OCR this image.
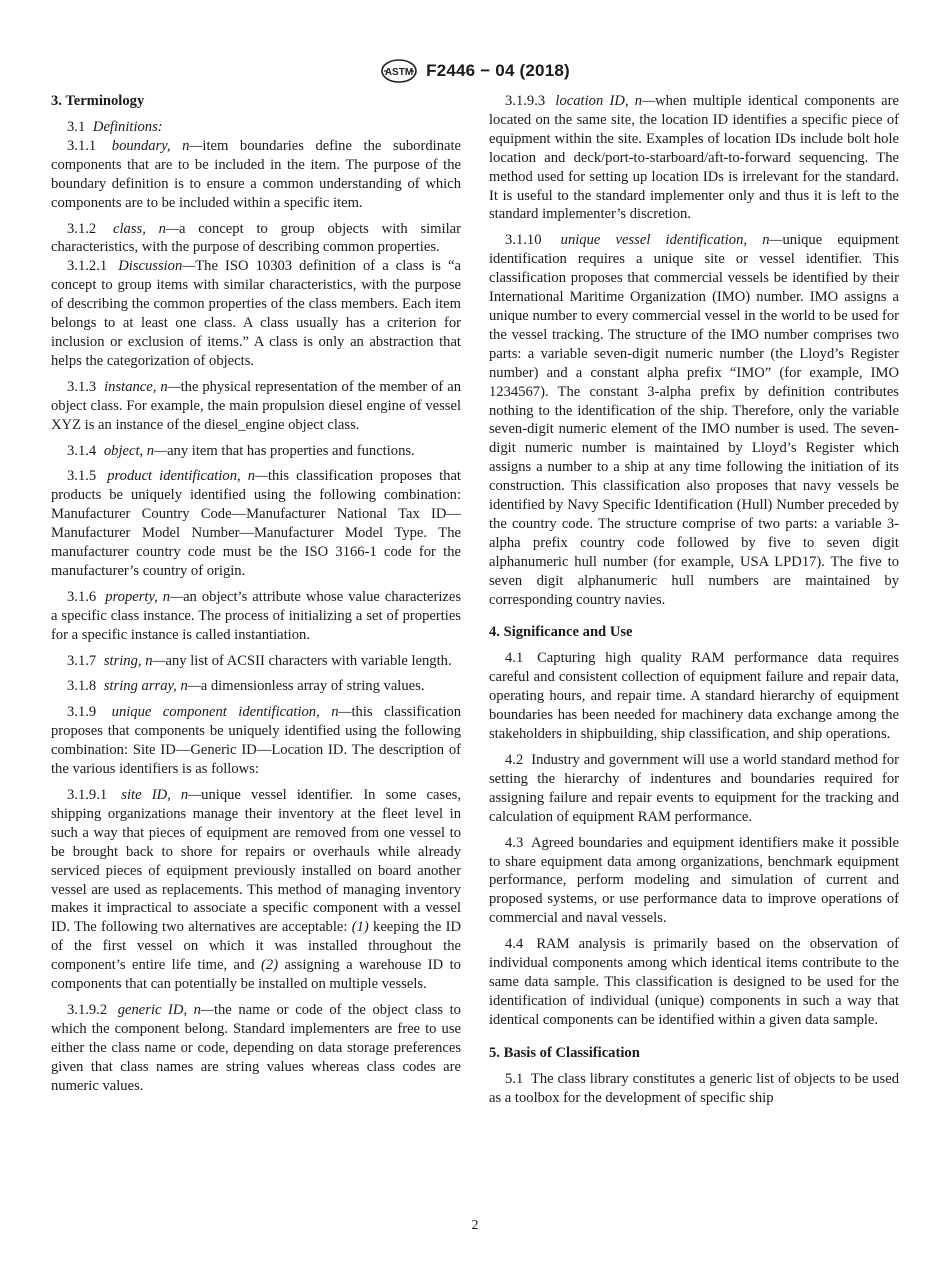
ASTM F2446 − 04 (2018)
3. Terminology

3.1 Definitions:

3.1.1 boundary, n—item boundaries define the subordinate components that are to be included in the item. The purpose of the boundary definition is to ensure a common understanding of which components are to be included within a specific item.

3.1.2 class, n—a concept to group objects with similar characteristics, with the purpose of describing common properties.

3.1.2.1 Discussion—The ISO 10303 definition of a class is “a concept to group items with similar characteristics, with the purpose of describing the common properties of the class members. Each item belongs to at least one class. A class usually has a criterion for inclusion or exclusion of items.” A class is only an abstraction that helps the categorization of objects.

3.1.3 instance, n—the physical representation of the member of an object class. For example, the main propulsion diesel engine of vessel XYZ is an instance of the diesel_engine object class.

3.1.4 object, n—any item that has properties and functions.

3.1.5 product identification, n—this classification proposes that products be uniquely identified using the following combination: Manufacturer Country Code—Manufacturer National Tax ID—Manufacturer Model Number—Manufacturer Model Type. The manufacturer country code must be the ISO 3166-1 code for the manufacturer’s country of origin.

3.1.6 property, n—an object’s attribute whose value characterizes a specific class instance. The process of initializing a set of properties for a specific instance is called instantiation.

3.1.7 string, n—any list of ACSII characters with variable length.

3.1.8 string array, n—a dimensionless array of string values.

3.1.9 unique component identification, n—this classification proposes that components be uniquely identified using the following combination: Site ID—Generic ID—Location ID. The description of the various identifiers is as follows:

3.1.9.1 site ID, n—unique vessel identifier. In some cases, shipping organizations manage their inventory at the fleet level in such a way that pieces of equipment are removed from one vessel to be brought back to shore for repairs or overhauls while already serviced pieces of equipment previously installed on board another vessel are used as replacements. This method of managing inventory makes it impractical to associate a specific component with a vessel ID. The following two alternatives are acceptable: (1) keeping the ID of the first vessel on which it was installed throughout the component’s entire life time, and (2) assigning a warehouse ID to components that can potentially be installed on multiple vessels.

3.1.9.2 generic ID, n—the name or code of the object class to which the component belong. Standard implementers are free to use either the class name or code, depending on data storage preferences given that class names are string values whereas class codes are numeric values.

3.1.9.3 location ID, n—when multiple identical components are located on the same site, the location ID identifies a specific piece of equipment within the site. Examples of location IDs include bolt hole location and deck/port-to-starboard/aft-to-forward sequencing. The method used for setting up location IDs is irrelevant for the standard. It is useful to the standard implementer only and thus it is left to the standard implementer’s discretion.

3.1.10 unique vessel identification, n—unique equipment identification requires a unique site or vessel identifier. This classification proposes that commercial vessels be identified by their International Maritime Organization (IMO) number. IMO assigns a unique number to every commercial vessel in the world to be used for the vessel tracking. The structure of the IMO number comprises two parts: a variable seven-digit numeric number (the Lloyd’s Register number) and a constant alpha prefix “IMO” (for example, IMO 1234567). The constant 3-alpha prefix by definition contributes nothing to the identification of the ship. Therefore, only the variable seven-digit numeric element of the IMO number is used. The seven-digit numeric number is maintained by Lloyd’s Register which assigns a number to a ship at any time following the initiation of its construction. This classification also proposes that navy vessels be identified by Navy Specific Identification (Hull) Number preceded by the country code. The structure comprise of two parts: a variable 3-alpha prefix country code followed by five to seven digit alphanumeric hull number (for example, USA LPD17). The five to seven digit alphanumeric hull numbers are maintained by corresponding country navies.

4. Significance and Use

4.1 Capturing high quality RAM performance data requires careful and consistent collection of equipment failure and repair data, operating hours, and repair time. A standard hierarchy of equipment boundaries has been needed for machinery data exchange among the stakeholders in shipbuilding, ship classification, and ship operations.

4.2 Industry and government will use a world standard method for setting the hierarchy of indentures and boundaries required for assigning failure and repair events to equipment for the tracking and calculation of equipment RAM performance.

4.3 Agreed boundaries and equipment identifiers make it possible to share equipment data among organizations, benchmark equipment performance, perform modeling and simulation of current and proposed systems, or use performance data to improve operations of commercial and naval vessels.

4.4 RAM analysis is primarily based on the observation of individual components among which identical items contribute to the same data sample. This classification is designed to be used for the identification of individual (unique) components in such a way that identical components can be identified within a given data sample.

5. Basis of Classification

5.1 The class library constitutes a generic list of objects to be used as a toolbox for the development of specific ship

2
